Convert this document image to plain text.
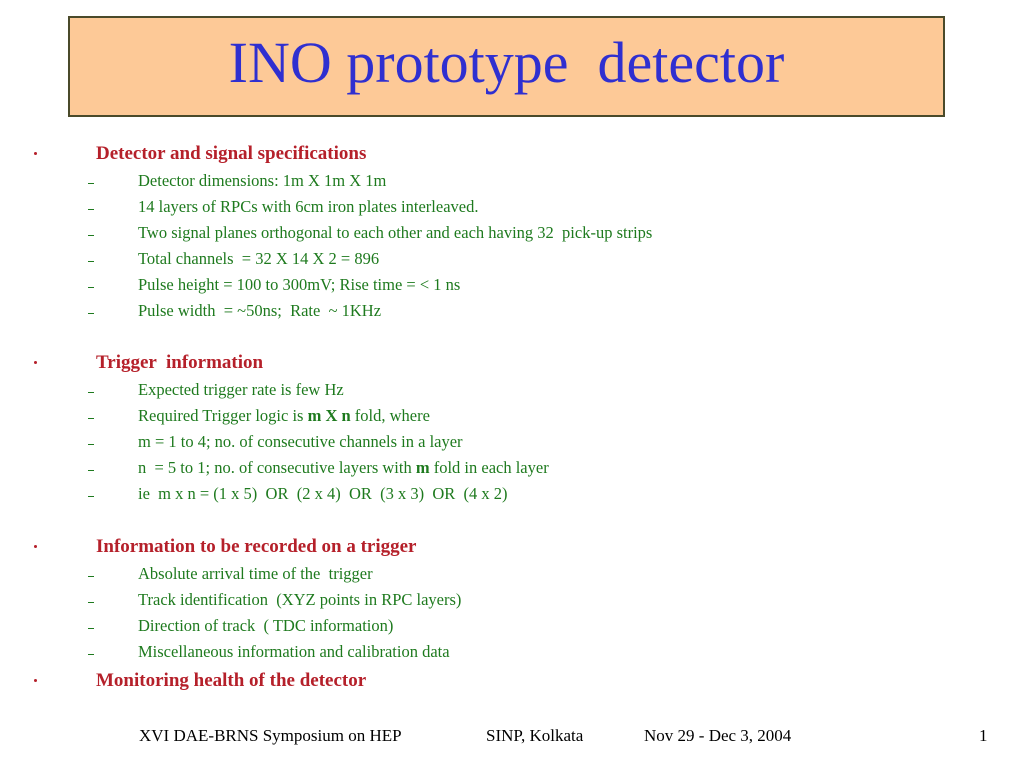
INO prototype  detector
Detector and signal specifications
Detector dimensions: 1m X 1m X 1m
14 layers of RPCs with 6cm iron plates interleaved.
Two signal planes orthogonal to each other and each having 32  pick-up strips
Total channels  = 32 X 14 X 2 = 896
Pulse height = 100 to 300mV; Rise time = < 1 ns
Pulse width  = ~50ns;  Rate  ~ 1KHz
Trigger  information
Expected trigger rate is few Hz
Required Trigger logic is m X n fold, where
m = 1 to 4; no. of consecutive channels in a layer
n  = 5 to 1; no. of consecutive layers with m fold in each layer
ie  m x n = (1 x 5)  OR  (2 x 4)  OR  (3 x 3)  OR  (4 x 2)
Information to be recorded on a trigger
Absolute arrival time of the  trigger
Track identification  (XYZ points in RPC layers)
Direction of track  ( TDC information)
Miscellaneous information and calibration data
Monitoring health of the detector
XVI DAE-BRNS Symposium on HEP	SINP, Kolkata	Nov 29 - Dec 3, 2004	1
